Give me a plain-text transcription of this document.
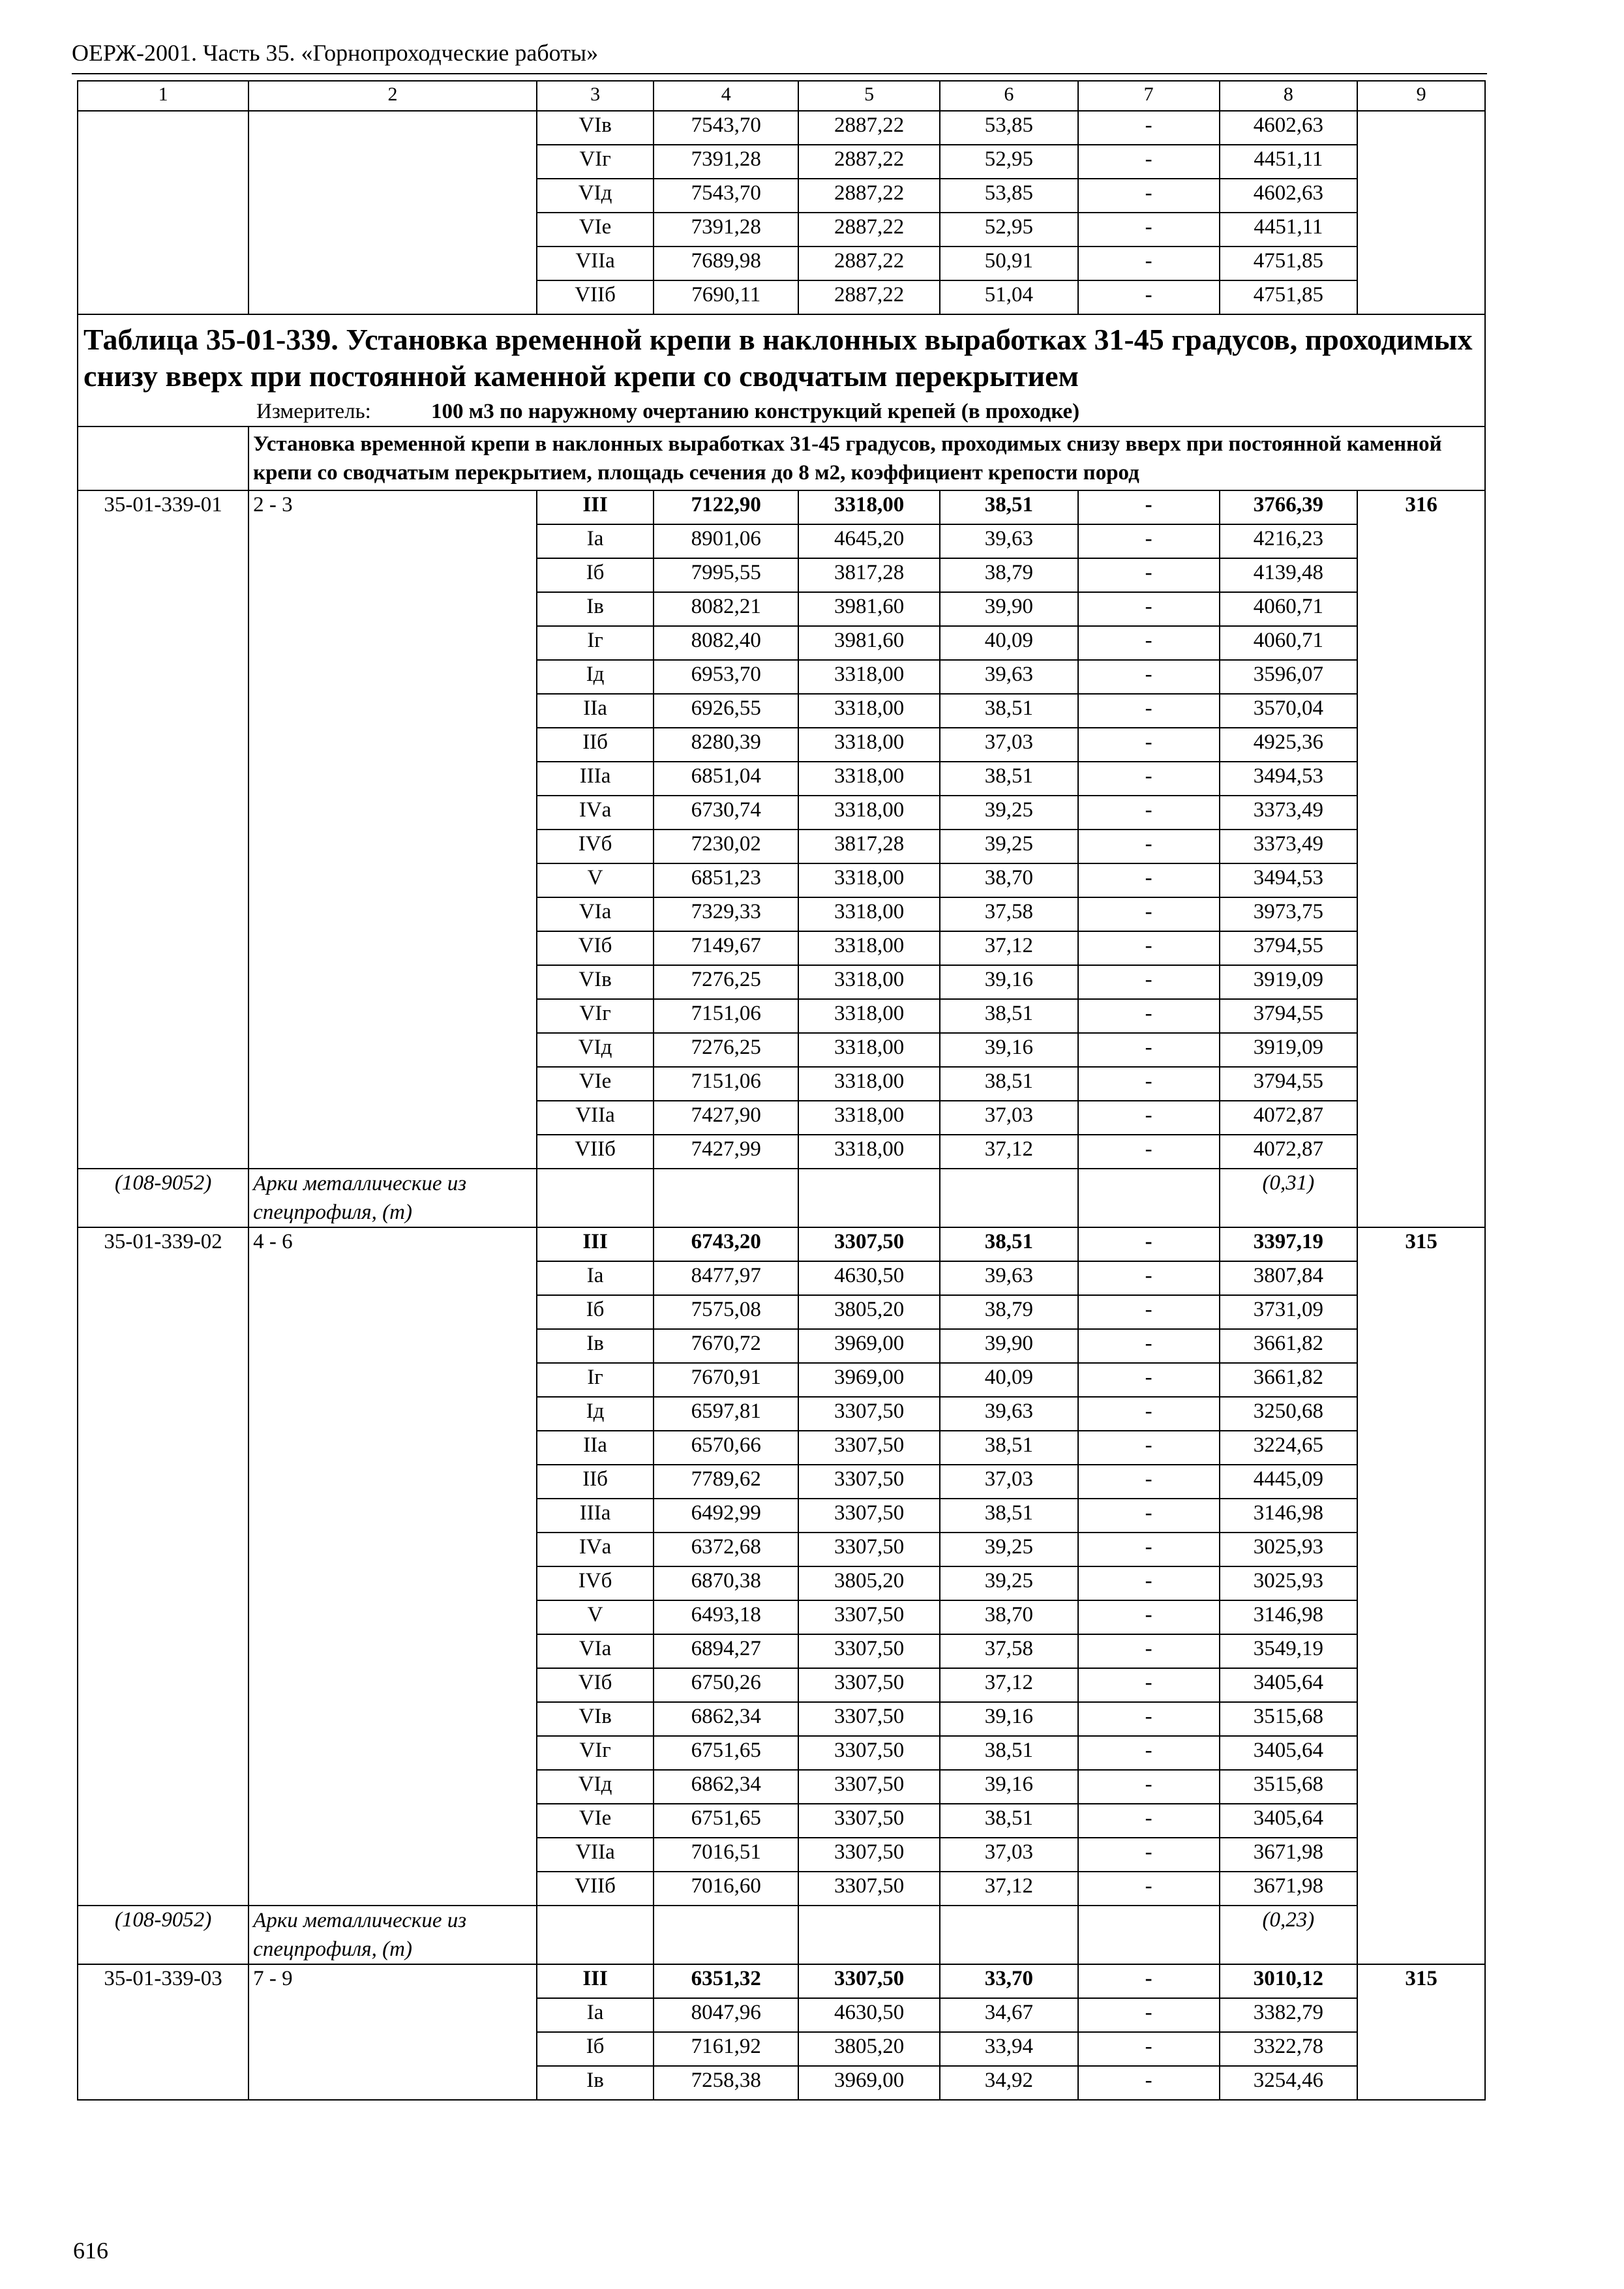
ОЕРЖ-2001. Часть 35. «Горнопроходческие работы»
1	2	3	4	5	6	7	8	9
		VIв	7543,70	2887,22	53,85	-	4602,63	
		VIг	7391,28	2887,22	52,95	-	4451,11	
		VIд	7543,70	2887,22	53,85	-	4602,63	
		VIе	7391,28	2887,22	52,95	-	4451,11	
		VIIа	7689,98	2887,22	50,91	-	4751,85	
		VIIб	7690,11	2887,22	51,04	-	4751,85	

Таблица 35-01-339. Установка временной крепи в наклонных выработках 31-45 градусов, проходимых снизу вверх при постоянной каменной крепи со сводчатым перекрытием
Измеритель: 100 м3 по наружному очертанию конструкций крепей (в проходке)								

	Установка временной крепи в наклонных выработках 31-45 градусов, проходимых снизу вверх при постоянной каменной крепи со сводчатым перекрытием, площадь сечения до 8 м2, коэффициент крепости пород							
35-01-339-01	2 - 3	III	7122,90	3318,00	38,51	-	3766,39	316
		Iа	8901,06	4645,20	39,63	-	4216,23	
		Iб	7995,55	3817,28	38,79	-	4139,48	
		Iв	8082,21	3981,60	39,90	-	4060,71	
		Iг	8082,40	3981,60	40,09	-	4060,71	
		Iд	6953,70	3318,00	39,63	-	3596,07	
		IIа	6926,55	3318,00	38,51	-	3570,04	
		IIб	8280,39	3318,00	37,03	-	4925,36	
		IIIа	6851,04	3318,00	38,51	-	3494,53	
		IVа	6730,74	3318,00	39,25	-	3373,49	
		IVб	7230,02	3817,28	39,25	-	3373,49	
		V	6851,23	3318,00	38,70	-	3494,53	
		VIа	7329,33	3318,00	37,58	-	3973,75	
		VIб	7149,67	3318,00	37,12	-	3794,55	
		VIв	7276,25	3318,00	39,16	-	3919,09	
		VIг	7151,06	3318,00	38,51	-	3794,55	
		VIд	7276,25	3318,00	39,16	-	3919,09	
		VIе	7151,06	3318,00	38,51	-	3794,55	
		VIIа	7427,90	3318,00	37,03	-	4072,87	
		VIIб	7427,99	3318,00	37,12	-	4072,87	
(108-9052)	Арки металлические из спецпрофиля, (т)						(0,31)	
35-01-339-02	4 - 6	III	6743,20	3307,50	38,51	-	3397,19	315
		Iа	8477,97	4630,50	39,63	-	3807,84	
		Iб	7575,08	3805,20	38,79	-	3731,09	
		Iв	7670,72	3969,00	39,90	-	3661,82	
		Iг	7670,91	3969,00	40,09	-	3661,82	
		Iд	6597,81	3307,50	39,63	-	3250,68	
		IIа	6570,66	3307,50	38,51	-	3224,65	
		IIб	7789,62	3307,50	37,03	-	4445,09	
		IIIа	6492,99	3307,50	38,51	-	3146,98	
		IVа	6372,68	3307,50	39,25	-	3025,93	
		IVб	6870,38	3805,20	39,25	-	3025,93	
		V	6493,18	3307,50	38,70	-	3146,98	
		VIа	6894,27	3307,50	37,58	-	3549,19	
		VIб	6750,26	3307,50	37,12	-	3405,64	
		VIв	6862,34	3307,50	39,16	-	3515,68	
		VIг	6751,65	3307,50	38,51	-	3405,64	
		VIд	6862,34	3307,50	39,16	-	3515,68	
		VIе	6751,65	3307,50	38,51	-	3405,64	
		VIIа	7016,51	3307,50	37,03	-	3671,98	
		VIIб	7016,60	3307,50	37,12	-	3671,98	
(108-9052)	Арки металлические из спецпрофиля, (т)						(0,23)	
35-01-339-03	7 - 9	III	6351,32	3307,50	33,70	-	3010,12	315
		Iа	8047,96	4630,50	34,67	-	3382,79	
		Iб	7161,92	3805,20	33,94	-	3322,78	
		Iв	7258,38	3969,00	34,92	-	3254,46	
616
